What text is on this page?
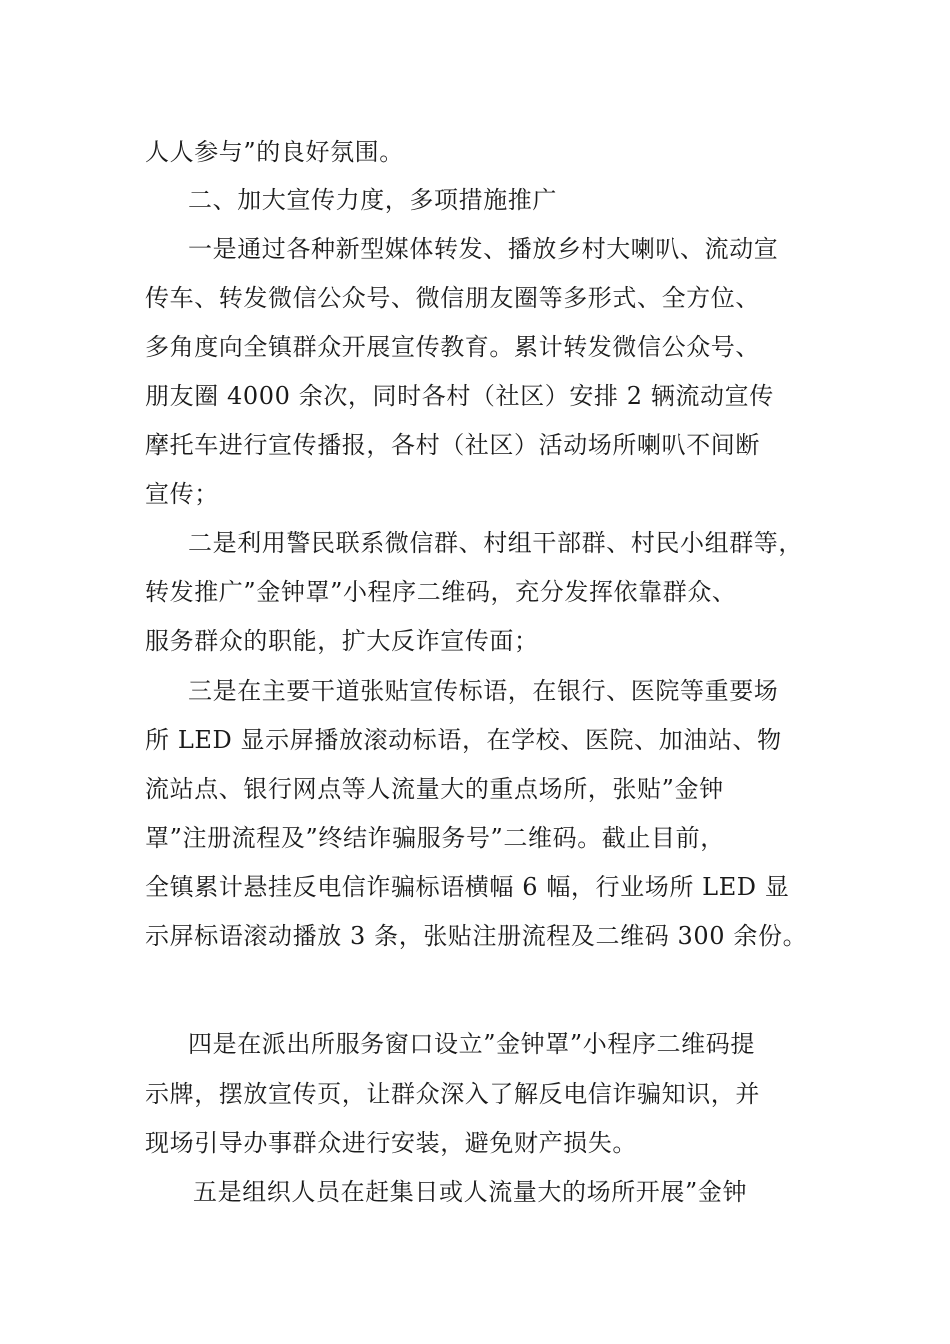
人人参与”的良好氛围。

二、加大宣传力度，多项措施推广

一是通过各种新型媒体转发、播放乡村大喇叭、流动宣

传车、转发微信公众号、微信朋友圈等多形式、全方位、

多角度向全镇群众开展宣传教育。累计转发微信公众号、

朋友圈 4000 余次，同时各村（社区）安排 2 辆流动宣传

摩托车进行宣传播报，各村（社区）活动场所喇叭不间断

宣传；

二是利用警民联系微信群、村组干部群、村民小组群等，

转发推广”金钟罩”小程序二维码，充分发挥依靠群众、

服务群众的职能，扩大反诈宣传面；

三是在主要干道张贴宣传标语，在银行、医院等重要场

所 LED 显示屏播放滚动标语，在学校、医院、加油站、物

流站点、银行网点等人流量大的重点场所，张贴”金钟

罩”注册流程及”终结诈骗服务号”二维码。截止目前，

全镇累计悬挂反电信诈骗标语横幅 6 幅，行业场所 LED 显

示屏标语滚动播放 3 条，张贴注册流程及二维码 300 余份。

四是在派出所服务窗口设立”金钟罩”小程序二维码提

示牌，摆放宣传页，让群众深入了解反电信诈骗知识，并

现场引导办事群众进行安装，避免财产损失。

五是组织人员在赶集日或人流量大的场所开展”金钟
